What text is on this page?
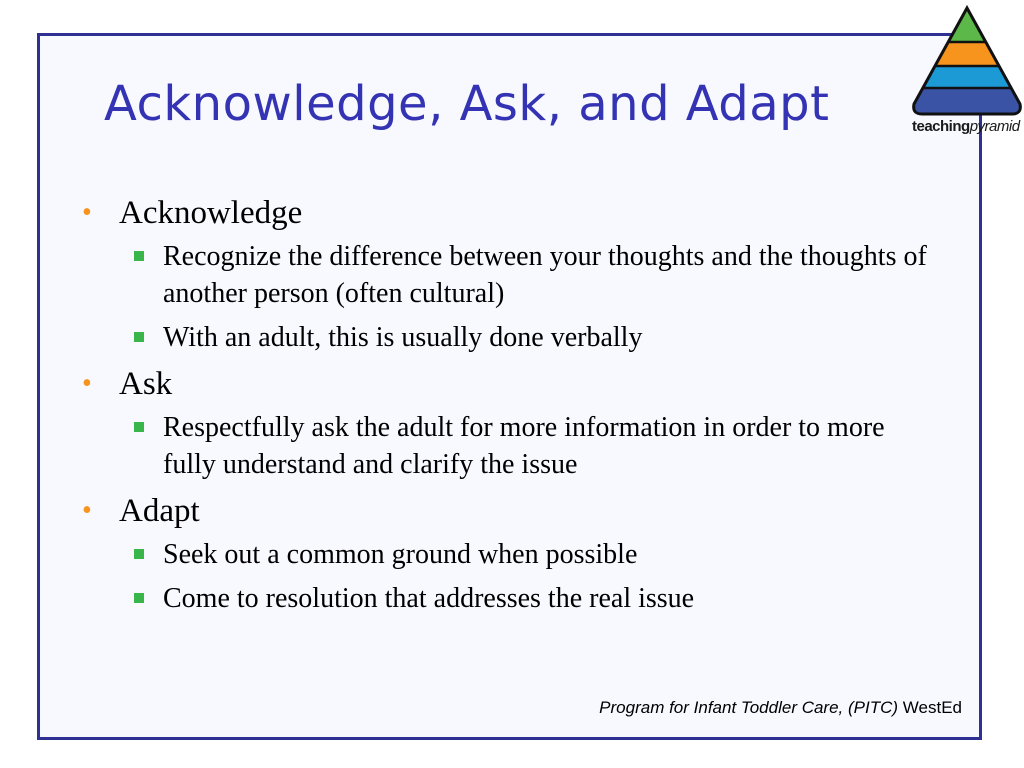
Acknowledge, Ask, and Adapt	teachingpyramid
• Acknowledge
Recognize the difference between your thoughts and the thoughts of another person (often cultural)
With an adult, this is usually done verbally
• Ask
Respectfully ask the adult for more information in order to more fully understand and clarify the issue
• Adapt
Seek out a common ground when possible
Come to resolution that addresses the real issue
Program for Infant Toddler Care, (PITC) WestEd
